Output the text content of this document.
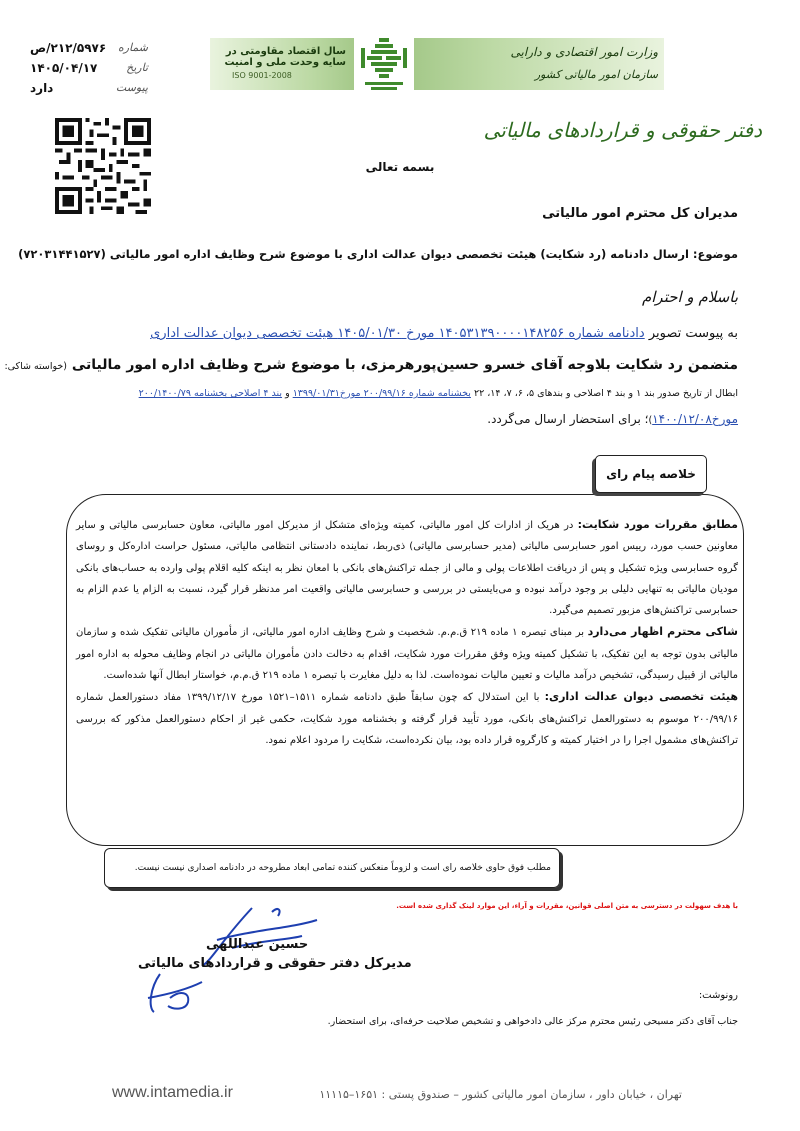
شماره
۲۱۲/۵۹۷۶/ص
تاریخ
۱۴۰۵/۰۴/۱۷
پیوست
دارد
سال اقتصاد مقاومتی در سایه وحدت ملی و امنیت
ISO 9001-2008
وزارت امور اقتصادی و دارایی
سازمان امور مالیاتی کشور
دفتر حقوقی و قراردادهای مالیاتی
بسمه تعالی
مدیران کل محترم امور مالیاتی
موضوع: ارسال دادنامه (رد شکایت) هیئت تخصصی دیوان عدالت اداری با موضوع شرح وظایف اداره امور مالیاتی (۷۲۰۳۱۴۴۱۵۲۷)
باسلام و احترام
به پیوست تصویر دادنامه شماره ۱۴۰۵۳۱۳۹۰۰۰۰۱۴۸۲۵۶ مورخ ۱۴۰۵/۰۱/۳۰ هیئت تخصصی دیوان عدالت اداری
متضمن رد شکایت بلاوجه آقای خسرو حسین‌پورهرمزی، با موضوع شرح وظایف اداره امور مالیاتی (خواسته شاکی:
ابطال از تاریخ صدور بند ۱ و بند ۴ اصلاحی و بندهای ۵، ۶، ۷، ۱۴، ۲۲ بخشنامه شماره ۲۰۰/۹۹/۱۶ مورخ۱۳۹۹/۰۱/۳۱ و بند ۴ اصلاحی بخشنامه ۲۰۰/۱۴۰۰/۷۹
مورخ۱۴۰۰/۱۲/۰۸)؛ برای استحضار ارسال می‌گردد.
خلاصه پیام رای

مطابق مقررات مورد شکایت: در هریک از ادارات کل امور مالیاتی، کمیته ویژه‌ای متشکل از مدیرکل امور مالیاتی، معاون حسابرسی مالیاتی و سایر معاونین حسب مورد، رییس امور حسابرسی مالیاتی (مدیر حسابرسی مالیاتی) ذی‌ربط، نماینده دادستانی انتظامی مالیاتی، مسئول حراست اداره‌کل و روسای گروه حسابرسی ویژه تشکیل و پس از دریافت اطلاعات پولی و مالی از جمله تراکنش‌های بانکی با امعان نظر به اینکه کلیه اقلام پولی وارده به حساب‌های بانکی مودیان مالیاتی به تنهایی دلیلی بر وجود درآمد نبوده و می‌بایستی در بررسی و حسابرسی مالیاتی واقعیت امر مدنظر قرار گیرد، نسبت به الزام یا عدم الزام به حسابرسی تراکنش‌های مزبور تصمیم می‌گیرد.

شاکی محترم اظهار می‌دارد بر مبنای تبصره ۱ ماده ۲۱۹ ق.م.م. شخصیت و شرح وظایف اداره امور مالیاتی، از مأموران مالیاتی تفکیک شده و سازمان مالیاتی بدون توجه به این تفکیک، با تشکیل کمیته ویژه وفق مقررات مورد شکایت، اقدام به دخالت دادن مأموران مالیاتی در انجام وظایف محوله به اداره امور مالیاتی از قبیل رسیدگی، تشخیص درآمد مالیات و تعیین مالیات نموده‌است. لذا به دلیل مغایرت با تبصره ۱ ماده ۲۱۹ ق.م.م، خواستار ابطال آنها شده‌است.

هیئت تخصصی دیوان عدالت اداری: با این استدلال که چون سابقاً طبق دادنامه شماره ۱۵۱۱–۱۵۲۱ مورخ ۱۳۹۹/۱۲/۱۷ مفاد دستورالعمل شماره ۲۰۰/۹۹/۱۶ موسوم به دستورالعمل تراکنش‌های بانکی، مورد تأیید قرار گرفته و بخشنامه مورد شکایت، حکمی غیر از احکام دستورالعمل مذکور که بررسی تراکنش‌های مشمول اجرا را در اختیار کمیته و کارگروه قرار داده بود، بیان نکرده‌است، شکایت را مردود اعلام نمود.

مطلب فوق حاوی خلاصه رای است و لزوماً منعکس کننده تمامی ابعاد مطروحه در دادنامه اصداری نیست نیست.
با هدف سهولت در دسترسی به متن اصلی قوانین، مقررات و آراء، این موارد لینک گذاری شده است.
حسین عبداللهی
مدیرکل دفتر حقوقی و قراردادهای مالیاتی
رونوشت:
جناب آقای دکتر مسیحی رئیس محترم مرکز عالی دادخواهی و تشخیص صلاحیت حرفه‌ای، برای استحضار.
تهران ، خیابان داور ، سازمان امور مالیاتی کشور – صندوق پستی : ۱۶۵۱–۱۱۱۱۵
www.intamedia.ir
